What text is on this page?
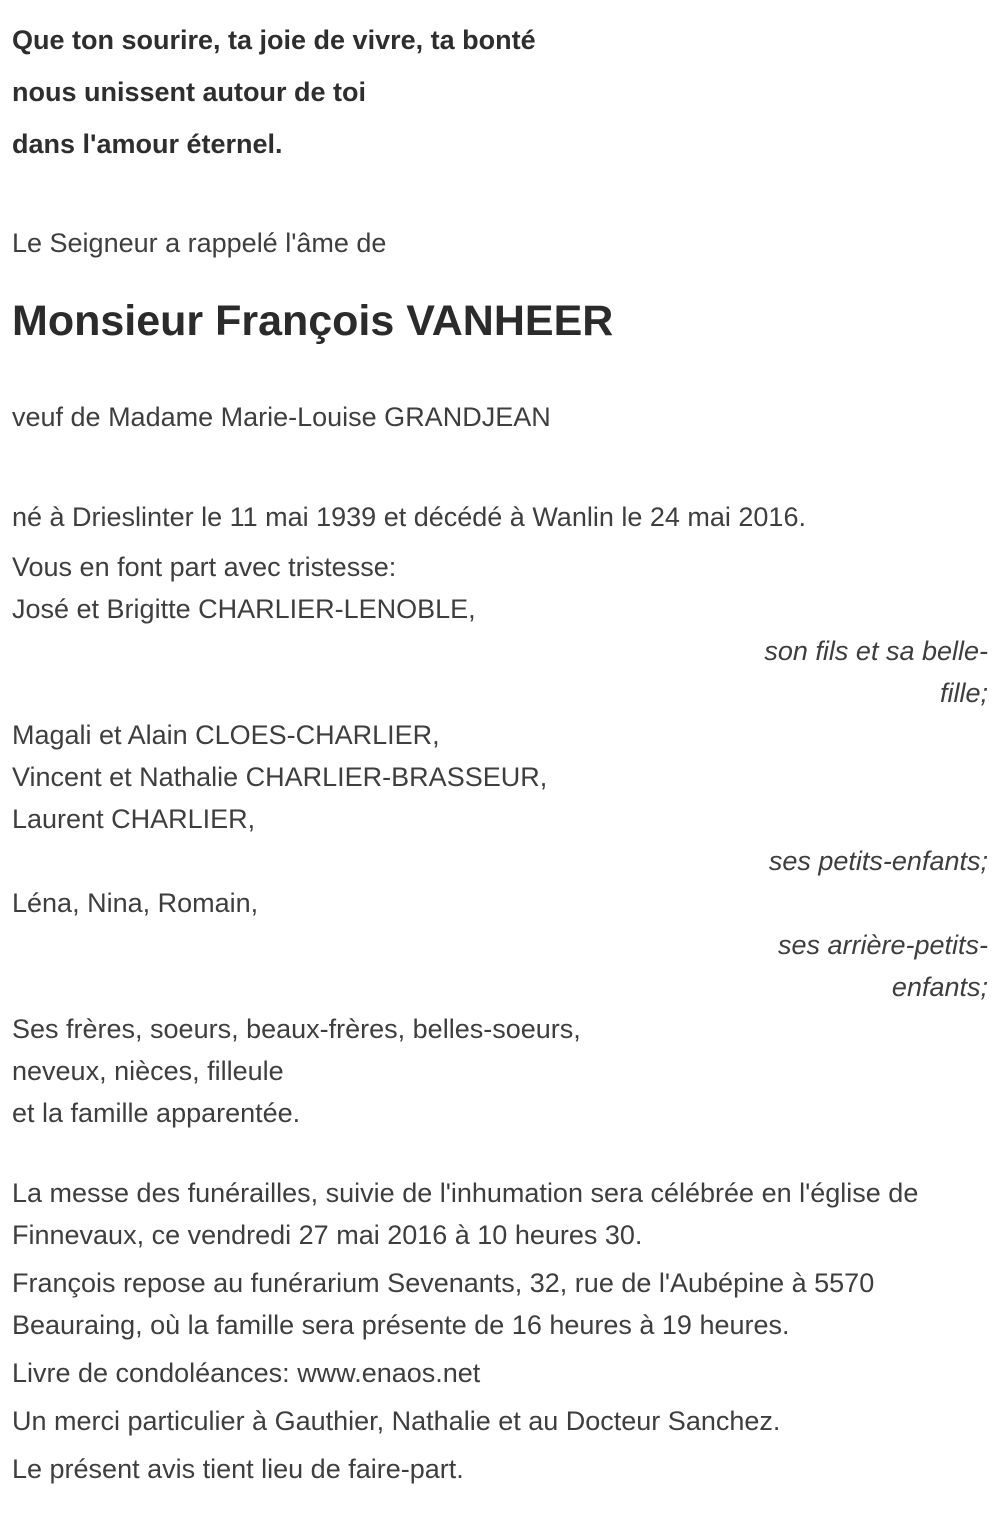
Que ton sourire, ta joie de vivre, ta bonté

nous unissent autour de toi

dans l'amour éternel.

Le Seigneur a rappelé l'âme de

Monsieur François VANHEER

veuf de Madame Marie-Louise GRANDJEAN

né à Drieslinter le 11 mai 1939 et décédé à Wanlin le 24 mai 2016.

Vous en font part avec tristesse:

José et Brigitte CHARLIER-LENOBLE,

son fils et sa belle-fille;

Magali et Alain CLOES-CHARLIER,

Vincent et Nathalie CHARLIER-BRASSEUR,

Laurent CHARLIER,

ses petits-enfants;

Léna, Nina, Romain,

ses arrière-petits-enfants;

Ses frères, soeurs, beaux-frères, belles-soeurs,

neveux, nièces, filleule

et la famille apparentée.

La messe des funérailles, suivie de l'inhumation sera célébrée en l'église de Finnevaux, ce vendredi 27 mai 2016 à 10 heures 30.

François repose au funérarium Sevenants, 32, rue de l'Aubépine à 5570 Beauraing, où la famille sera présente de 16 heures à 19 heures.

Livre de condoléances: www.enaos.net

Un merci particulier à Gauthier, Nathalie et au Docteur Sanchez.

Le présent avis tient lieu de faire-part.
